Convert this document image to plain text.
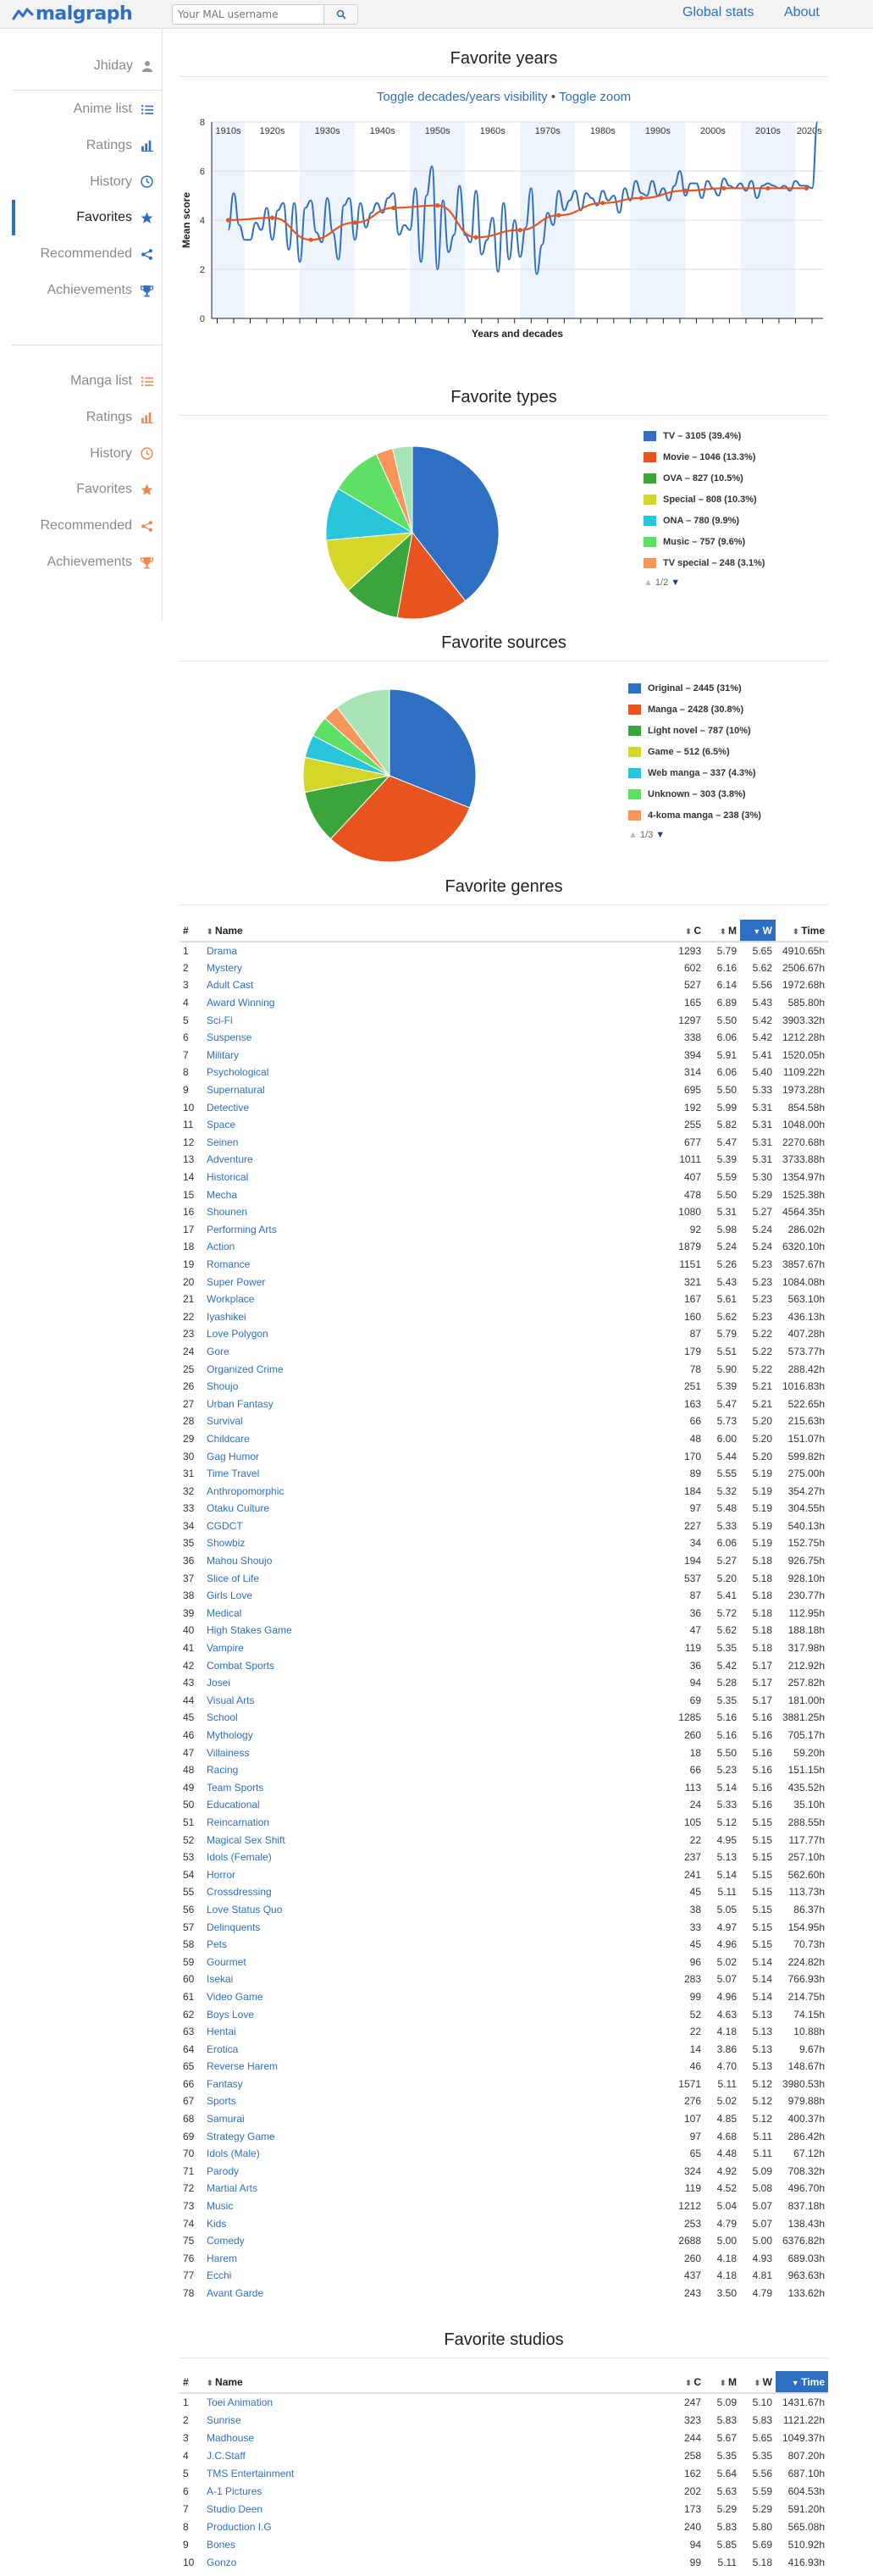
malgraph
Your MAL username	Global stats About
Jhiday
Anime list
Ratings
History
Favorites
Recommended
Achievements
Manga list
Ratings
History
Favorites
Recommended
Achievements
Favorite years
Toggle decades/years visibility • Toggle zoom
1910s 1920s	1930s	1940s	1950s	1960s	1970s	1980s	1990s	2000s	2010s 2020s
0
2
4
6
8
Mean score
Years and decades
Favorite types
TV – 3105 (39.4%)
Movie – 1046 (13.3%)
OVA – 827 (10.5%)
Special – 808 (10.3%)
ONA – 780 (9.9%)
Music – 757 (9.6%)
TV special – 248 (3.1%)
▲ 1/2 ▼
Favorite sources
Original – 2445 (31%)
Manga – 2428 (30.8%)
Light novel – 787 (10%)
Game – 512 (6.5%)
Web manga – 337 (4.3%)
Unknown – 303 (3.8%)
4-koma manga – 238 (3%)
▲ 1/3 ▼
Favorite genres
#	⬍ Name	⬍ C	⬍ M	▼ W	⬍ Time
1	Drama	1293	5.79	5.65	4910.65h
2	Mystery	602	6.16	5.62	2506.67h
3	Adult Cast	527	6.14	5.56	1972.68h
4	Award Winning	165	6.89	5.43	585.80h
5	Sci-Fi	1297	5.50	5.42	3903.32h
6	Suspense	338	6.06	5.42	1212.28h
7	Military	394	5.91	5.41	1520.05h
8	Psychological	314	6.06	5.40	1109.22h
9	Supernatural	695	5.50	5.33	1973.28h
10	Detective	192	5.99	5.31	854.58h
11	Space	255	5.82	5.31	1048.00h
12	Seinen	677	5.47	5.31	2270.68h
13	Adventure	1011	5.39	5.31	3733.88h
14	Historical	407	5.59	5.30	1354.97h
15	Mecha	478	5.50	5.29	1525.38h
16	Shounen	1080	5.31	5.27	4564.35h
17	Performing Arts	92	5.98	5.24	286.02h
18	Action	1879	5.24	5.24	6320.10h
19	Romance	1151	5.26	5.23	3857.67h
20	Super Power	321	5.43	5.23	1084.08h
21	Workplace	167	5.61	5.23	563.10h
22	Iyashikei	160	5.62	5.23	436.13h
23	Love Polygon	87	5.79	5.22	407.28h
24	Gore	179	5.51	5.22	573.77h
25	Organized Crime	78	5.90	5.22	288.42h
26	Shoujo	251	5.39	5.21	1016.83h
27	Urban Fantasy	163	5.47	5.21	522.65h
28	Survival	66	5.73	5.20	215.63h
29	Childcare	48	6.00	5.20	151.07h
30	Gag Humor	170	5.44	5.20	599.82h
31	Time Travel	89	5.55	5.19	275.00h
32	Anthropomorphic	184	5.32	5.19	354.27h
33	Otaku Culture	97	5.48	5.19	304.55h
34	CGDCT	227	5.33	5.19	540.13h
35	Showbiz	34	6.06	5.19	152.75h
36	Mahou Shoujo	194	5.27	5.18	926.75h
37	Slice of Life	537	5.20	5.18	928.10h
38	Girls Love	87	5.41	5.18	230.77h
39	Medical	36	5.72	5.18	112.95h
40	High Stakes Game	47	5.62	5.18	188.18h
41	Vampire	119	5.35	5.18	317.98h
42	Combat Sports	36	5.42	5.17	212.92h
43	Josei	94	5.28	5.17	257.82h
44	Visual Arts	69	5.35	5.17	181.00h
45	School	1285	5.16	5.16	3881.25h
46	Mythology	260	5.16	5.16	705.17h
47	Villainess	18	5.50	5.16	59.20h
48	Racing	66	5.23	5.16	151.15h
49	Team Sports	113	5.14	5.16	435.52h
50	Educational	24	5.33	5.16	35.10h
51	Reincarnation	105	5.12	5.15	288.55h
52	Magical Sex Shift	22	4.95	5.15	117.77h
53	Idols (Female)	237	5.13	5.15	257.10h
54	Horror	241	5.14	5.15	562.60h
55	Crossdressing	45	5.11	5.15	113.73h
56	Love Status Quo	38	5.05	5.15	86.37h
57	Delinquents	33	4.97	5.15	154.95h
58	Pets	45	4.96	5.15	70.73h
59	Gourmet	96	5.02	5.14	224.82h
60	Isekai	283	5.07	5.14	766.93h
61	Video Game	99	4.96	5.14	214.75h
62	Boys Love	52	4.63	5.13	74.15h
63	Hentai	22	4.18	5.13	10.88h
64	Erotica	14	3.86	5.13	9.67h
65	Reverse Harem	46	4.70	5.13	148.67h
66	Fantasy	1571	5.11	5.12	3980.53h
67	Sports	276	5.02	5.12	979.88h
68	Samurai	107	4.85	5.12	400.37h
69	Strategy Game	97	4.68	5.11	286.42h
70	Idols (Male)	65	4.48	5.11	67.12h
71	Parody	324	4.92	5.09	708.32h
72	Martial Arts	119	4.52	5.08	496.70h
73	Music	1212	5.04	5.07	837.18h
74	Kids	253	4.79	5.07	138.43h
75	Comedy	2688	5.00	5.00	6376.82h
76	Harem	260	4.18	4.93	689.03h
77	Ecchi	437	4.18	4.81	963.63h
78	Avant Garde	243	3.50	4.79	133.62h
Favorite studios
#	⬍ Name	⬍ C	⬍ M	⬍ W	▼ Time
1	Toei Animation	247	5.09	5.10	1431.67h
2	Sunrise	323	5.83	5.83	1121.22h
3	Madhouse	244	5.67	5.65	1049.37h
4	J.C.Staff	258	5.35	5.35	807.20h
5	TMS Entertainment	162	5.64	5.56	687.10h
6	A-1 Pictures	202	5.63	5.59	604.53h
7	Studio Deen	173	5.29	5.29	591.20h
8	Production I.G	240	5.83	5.80	565.08h
9	Bones	94	5.85	5.69	510.92h
10	Gonzo	99	5.11	5.18	416.93h
